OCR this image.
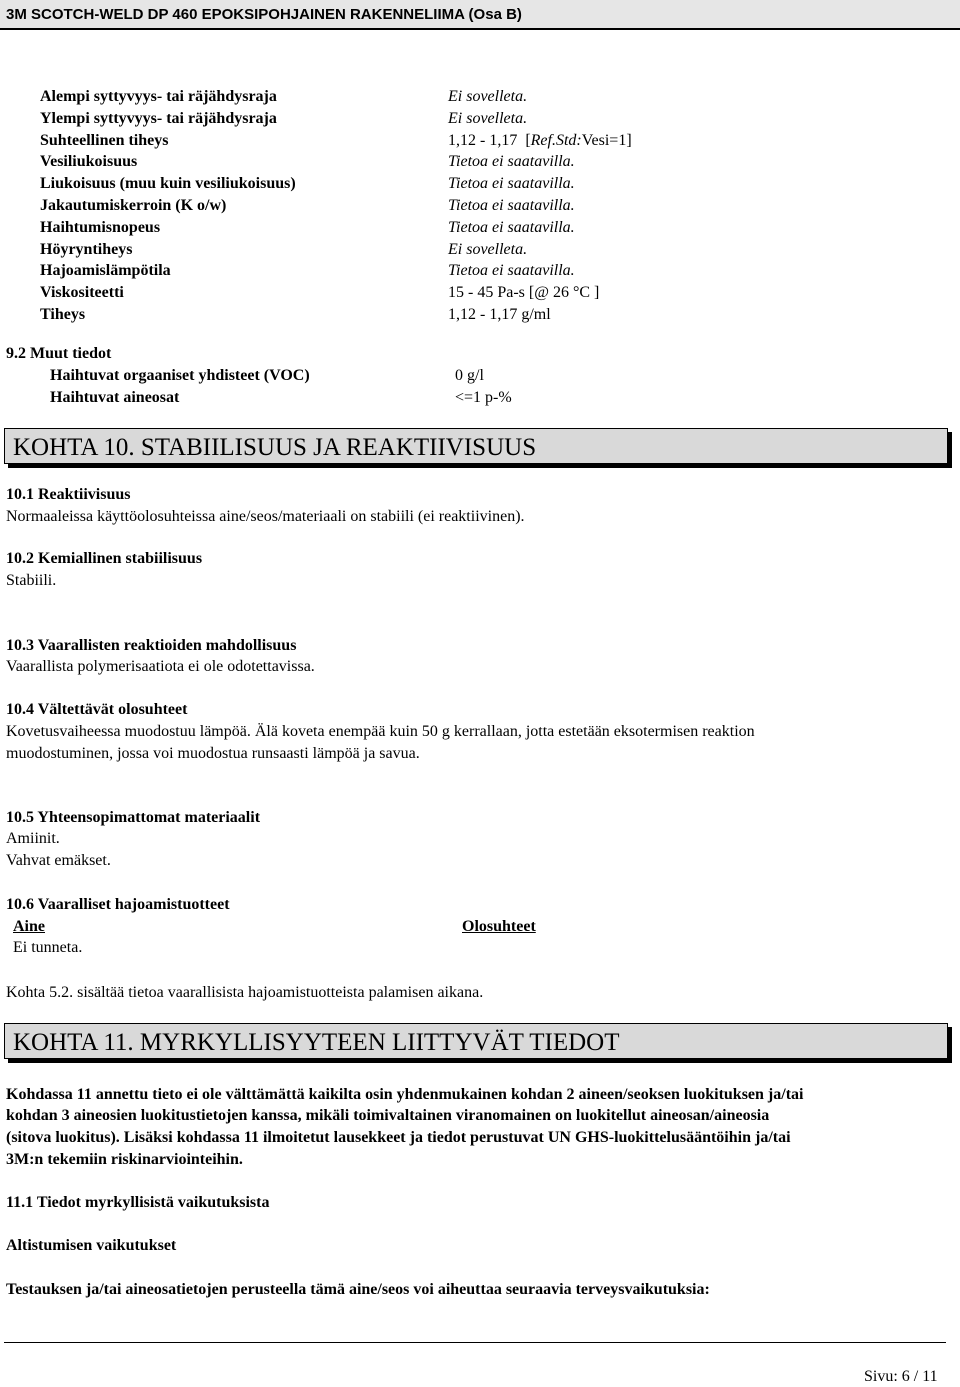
3M SCOTCH-WELD DP 460 EPOKSIPOHJAINEN RAKENNELIIMA (Osa B)
Alempi syttyvyys- tai räjähdysraja	Ei sovelleta.
Ylempi syttyvyys- tai räjähdysraja	Ei sovelleta.
Suhteellinen tiheys	1,12 - 1,17  [Ref.Std:Vesi=1]
Vesiliukoisuus	Tietoa ei saatavilla.
Liukoisuus (muu kuin vesiliukoisuus)	Tietoa ei saatavilla.
Jakautumiskerroin (K o/w)	Tietoa ei saatavilla.
Haihtumisnopeus	Tietoa ei saatavilla.
Höyryntiheys	Ei sovelleta.
Hajoamislämpötila	Tietoa ei saatavilla.
Viskositeetti	15 - 45 Pa-s [@ 26 °C ]
Tiheys	1,12 - 1,17 g/ml
9.2 Muut tiedot
Haihtuvat orgaaniset yhdisteet (VOC)	0 g/l
Haihtuvat aineosat	<=1 p-%
KOHTA 10. STABIILISUUS JA REAKTIIVISUUS
10.1 Reaktiivisuus
Normaaleissa käyttöolosuhteissa aine/seos/materiaali on stabiili (ei reaktiivinen).
10.2 Kemiallinen stabiilisuus
Stabiili.
10.3 Vaarallisten reaktioiden mahdollisuus
Vaarallista polymerisaatiota ei ole odotettavissa.
10.4 Vältettävät olosuhteet
Kovetusvaiheessa muodostuu lämpöä. Älä koveta enempää kuin 50 g kerrallaan, jotta estetään eksotermisen reaktion
muodostuminen, jossa voi muodostua runsaasti lämpöä ja savua.
10.5 Yhteensopimattomat materiaalit
Amiinit.
Vahvat emäkset.
10.6 Vaaralliset hajoamistuotteet
Aine	Olosuhteet
Ei tunneta.
Kohta 5.2. sisältää tietoa vaarallisista hajoamistuotteista palamisen aikana.
KOHTA 11. MYRKYLLISYYTEEN LIITTYVÄT TIEDOT
Kohdassa 11 annettu tieto ei ole välttämättä kaikilta osin yhdenmukainen kohdan 2 aineen/seoksen luokituksen ja/tai
kohdan 3 aineosien luokitustietojen kanssa, mikäli toimivaltainen viranomainen on luokitellut aineosan/aineosia
(sitova luokitus). Lisäksi kohdassa 11 ilmoitetut lausekkeet ja tiedot perustuvat UN GHS-luokittelusääntöihin ja/tai
3M:n tekemiin riskinarviointeihin.
11.1 Tiedot myrkyllisistä vaikutuksista
Altistumisen vaikutukset
Testauksen ja/tai aineosatietojen perusteella tämä aine/seos voi aiheuttaa seuraavia terveysvaikutuksia:
Sivu: 6 / 11
